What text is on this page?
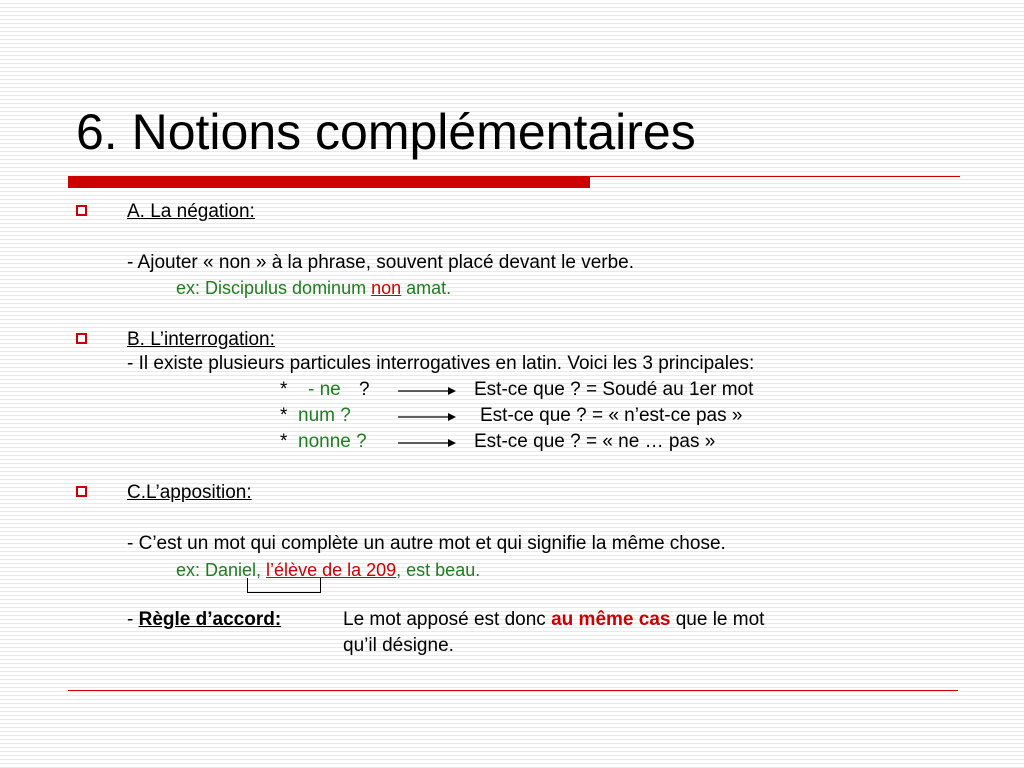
6. Notions complémentaires
A. La négation:
- Ajouter « non » à la phrase, souvent placé devant le verbe.
ex: Discipulus dominum non amat.
B. L’interrogation:
- Il existe plusieurs particules interrogatives en latin. Voici les 3 principales:
* - ne ?	Est-ce que ? = Soudé au 1er mot
* num ?	Est-ce que ? = « n’est-ce pas »
* nonne ?	Est-ce que ? = « ne … pas »
C.L’apposition:
- C’est un mot qui complète un autre mot et qui signifie la même chose.
ex: Daniel, l’élève de la 209, est beau.
- Règle d’accord:	Le mot apposé est donc au même cas que le mot
qu’il désigne.
